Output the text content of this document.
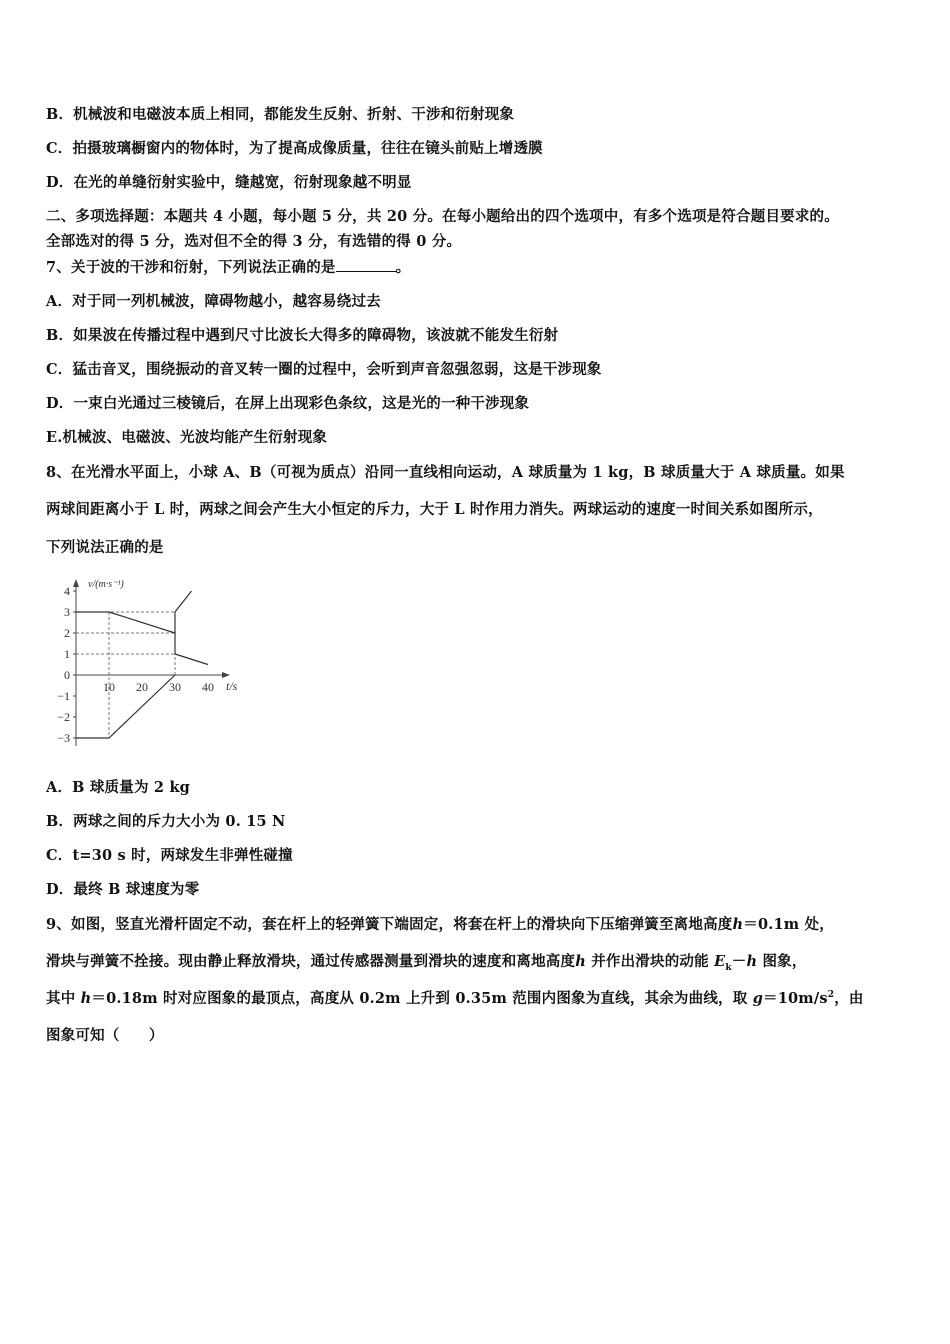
B．机械波和电磁波本质上相同，都能发生反射、折射、干涉和衍射现象
C．拍摄玻璃橱窗内的物体时，为了提高成像质量，往往在镜头前贴上增透膜
D．在光的单缝衍射实验中，缝越宽，衍射现象越不明显
二、多项选择题：本题共 4 小题，每小题 5 分，共 20 分。在每小题给出的四个选项中，有多个选项是符合题目要求的。
全部选对的得 5 分，选对但不全的得 3 分，有选错的得 0 分。
7、关于波的干涉和衍射，下列说法正确的是	。
A．对于同一列机械波，障碍物越小，越容易绕过去
B．如果波在传播过程中遇到尺寸比波长大得多的障碍物，该波就不能发生衍射
C．猛击音叉，围绕振动的音叉转一圈的过程中，会听到声音忽强忽弱，这是干涉现象
D．一束白光通过三棱镜后，在屏上出现彩色条纹，这是光的一种干涉现象
E.机械波、电磁波、光波均能产生衍射现象
8、在光滑水平面上，小球 A、B（可视为质点）沿同一直线相向运动，A 球质量为 1 kg，B 球质量大于 A 球质量。如果
两球间距离小于 L 时，两球之间会产生大小恒定的斥力，大于 L 时作用力消失。两球运动的速度一时间关系如图所示，
下列说法正确的是
4
3
2
1
0
−1
−2
−3
10 20 30 40
v/(m·s⁻¹)
t/s
A．B 球质量为 2 kg
B．两球之间的斥力大小为 0. 15 N
C．t=30 s 时，两球发生非弹性碰撞
D．最终 B 球速度为零
9、如图，竖直光滑杆固定不动，套在杆上的轻弹簧下端固定，将套在杆上的滑块向下压缩弹簧至离地高度h＝0.1m 处，
滑块与弹簧不拴接。现由静止释放滑块，通过传感器测量到滑块的速度和离地高度h 并作出滑块的动能 $E_k-h$ 图象，
其中 h＝0.18m 时对应图象的最顶点，高度从 0.2m 上升到 0.35m 范围内图象为直线，其余为曲线，取 $g=10m/s^2$，由
图象可知（　　）
